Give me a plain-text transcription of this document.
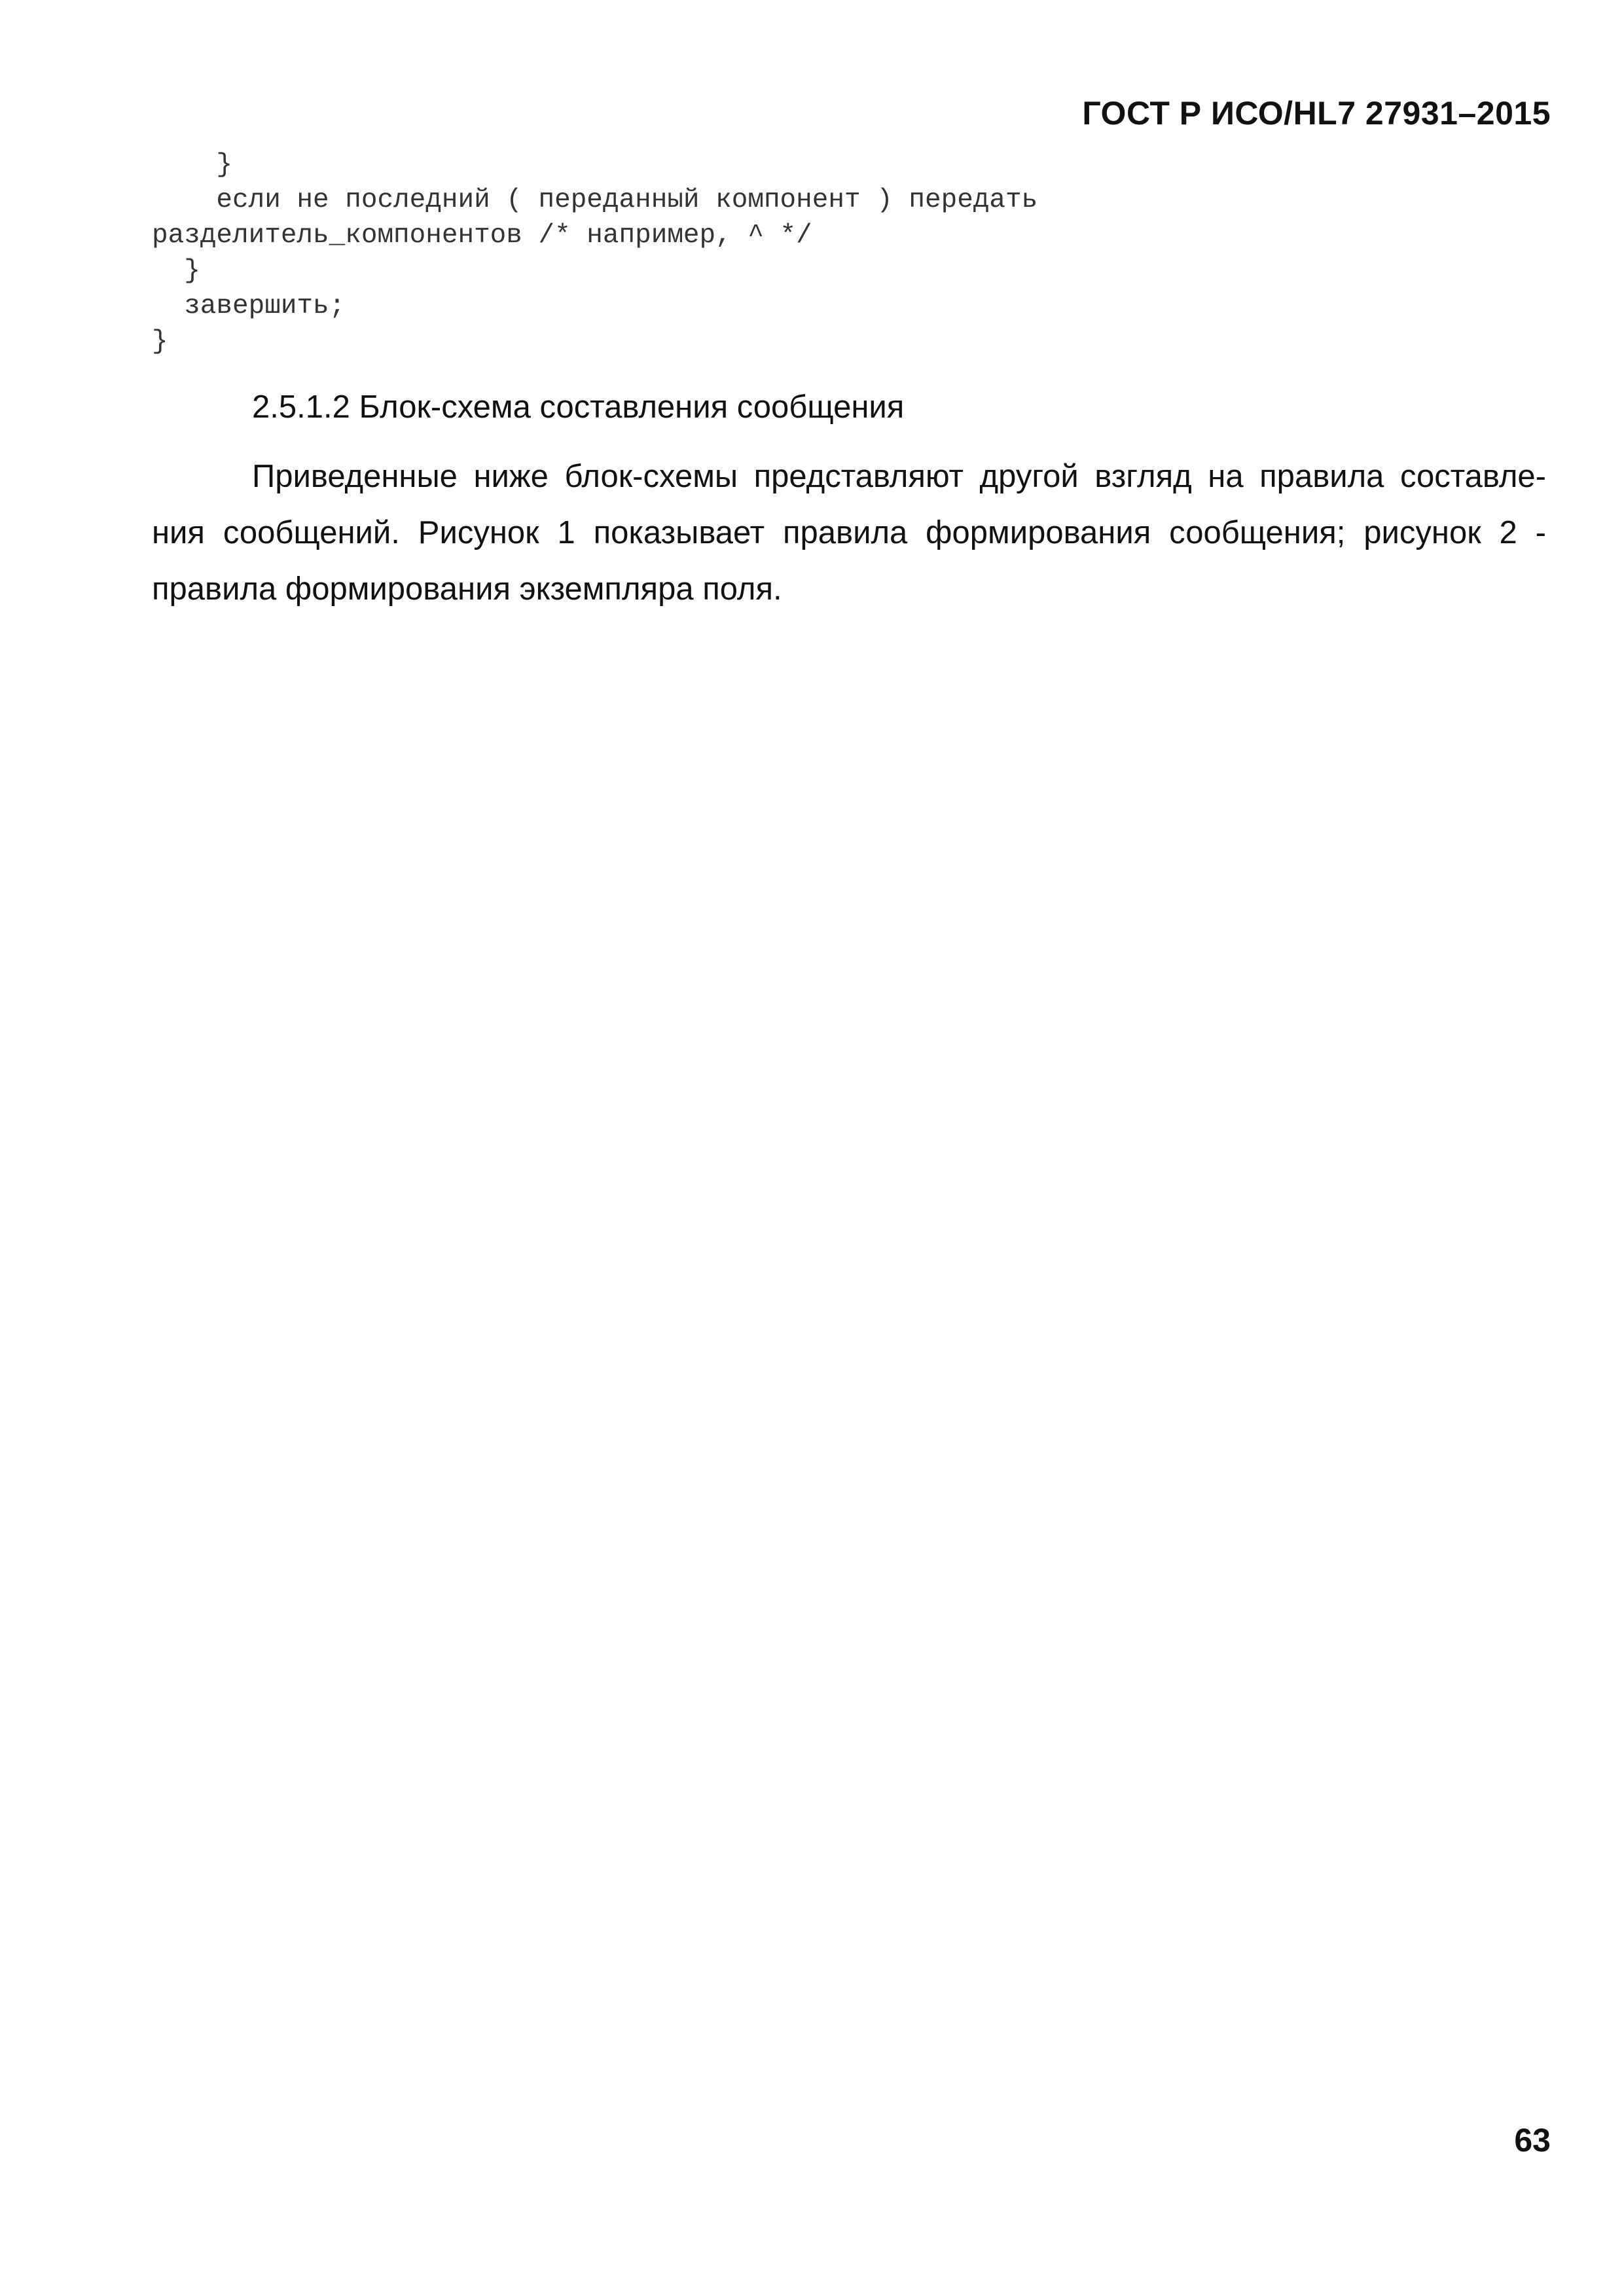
ГОСТ Р ИСО/HL7 27931–2015
}
если не последний ( переданный компонент ) передать
разделитель_компонентов /* например, ^ */
}
завершить;
}
2.5.1.2 Блок-схема составления сообщения
Приведенные ниже блок-схемы представляют другой взгляд на правила составле-
ния сообщений. Рисунок 1 показывает правила формирования сообщения; рисунок 2 -
правила формирования экземпляра поля.
63
